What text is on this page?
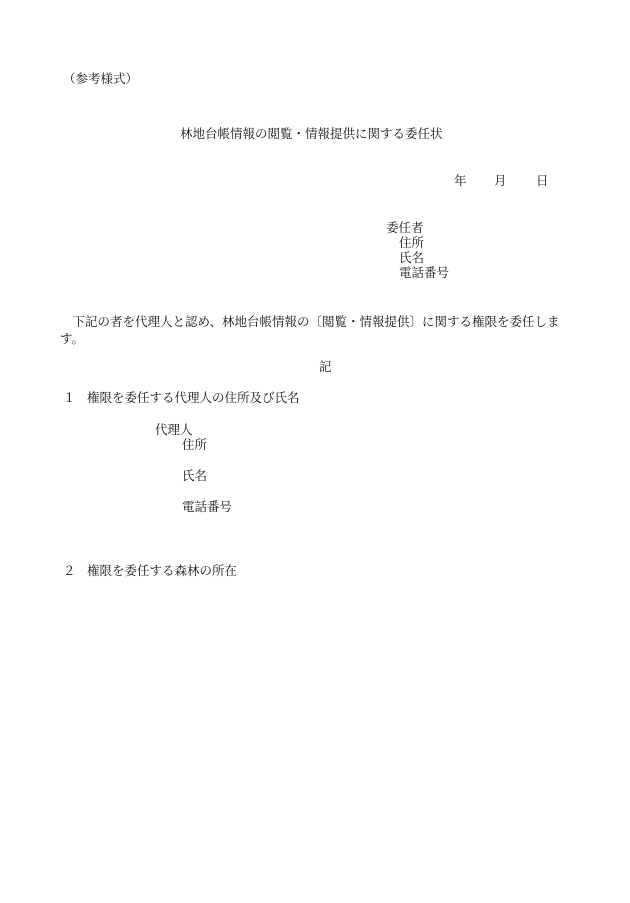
（参考様式）
林地台帳情報の閲覧・情報提供に関する委任状
年 月 日
委任者
住所
氏名
電話番号
下記の者を代理人と認め、林地台帳情報の〔閲覧・情報提供〕に関する権限を委任します。
記
１ 権限を委任する代理人の住所及び氏名
代理人
住所
氏名
電話番号
２ 権限を委任する森林の所在
